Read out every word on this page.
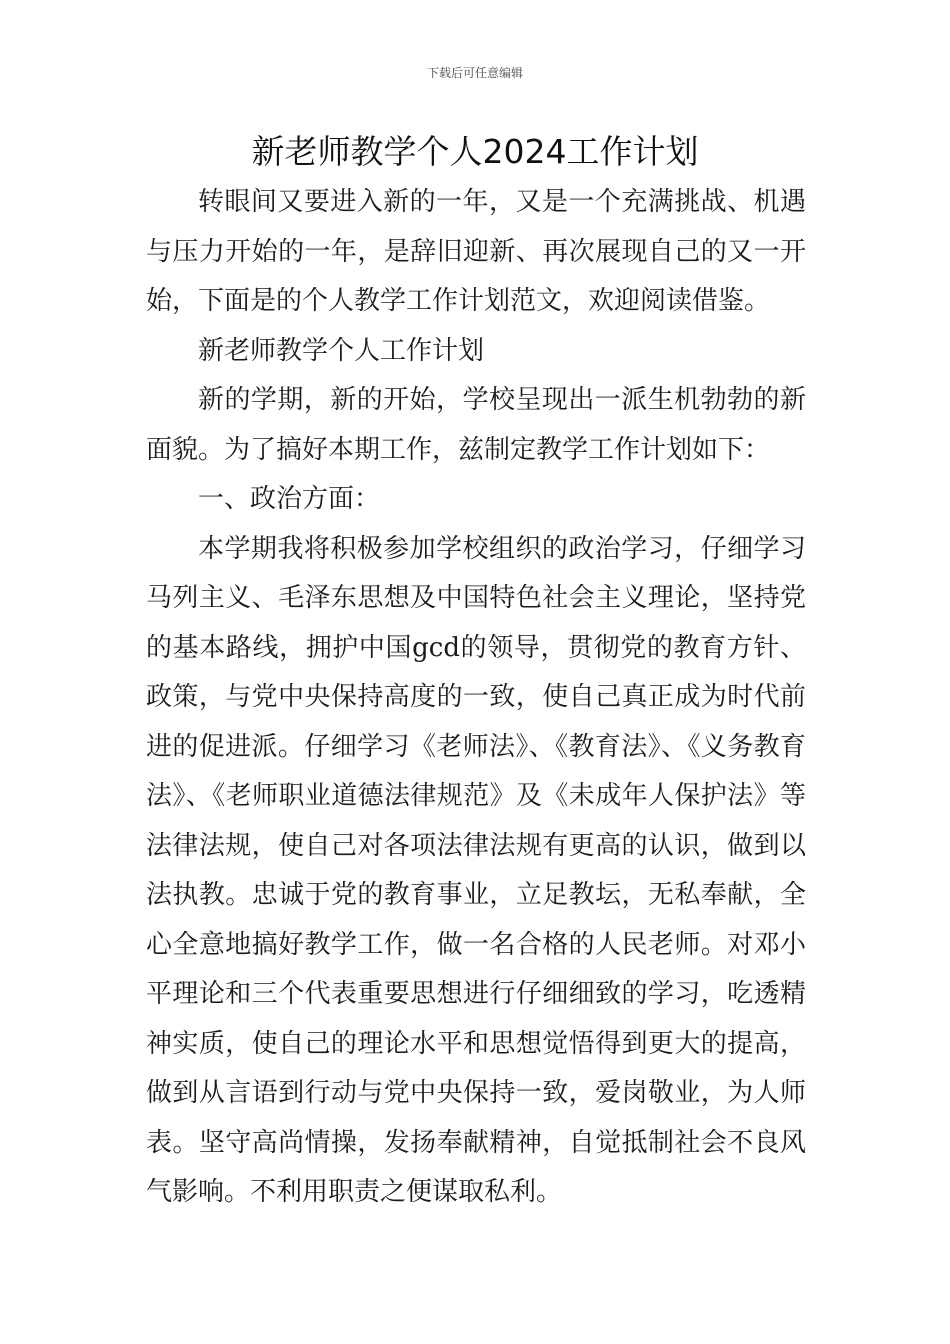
下载后可任意编辑
新老师教学个人2024工作计划

转眼间又要进入新的一年，又是一个充满挑战、机遇与压力开始的一年，是辞旧迎新、再次展现自己的又一开始，下面是的个人教学工作计划范文，欢迎阅读借鉴。

新老师教学个人工作计划

新的学期，新的开始，学校呈现出一派生机勃勃的新面貌。为了搞好本期工作，兹制定教学工作计划如下：

一、政治方面：

本学期我将积极参加学校组织的政治学习，仔细学习马列主义、毛泽东思想及中国特色社会主义理论，坚持党的基本路线，拥护中国gcd的领导，贯彻党的教育方针、政策，与党中央保持高度的一致，使自己真正成为时代前进的促进派。仔细学习《老师法》、《教育法》、《义务教育法》、《老师职业道德法律规范》及《未成年人保护法》等法律法规，使自己对各项法律法规有更高的认识，做到以法执教。忠诚于党的教育事业，立足教坛，无私奉献，全心全意地搞好教学工作，做一名合格的人民老师。对邓小平理论和三个代表重要思想进行仔细细致的学习，吃透精神实质，使自己的理论水平和思想觉悟得到更大的提高，做到从言语到行动与党中央保持一致，爱岗敬业，为人师表。坚守高尚情操，发扬奉献精神，自觉抵制社会不良风气影响。不利用职责之便谋取私利。
